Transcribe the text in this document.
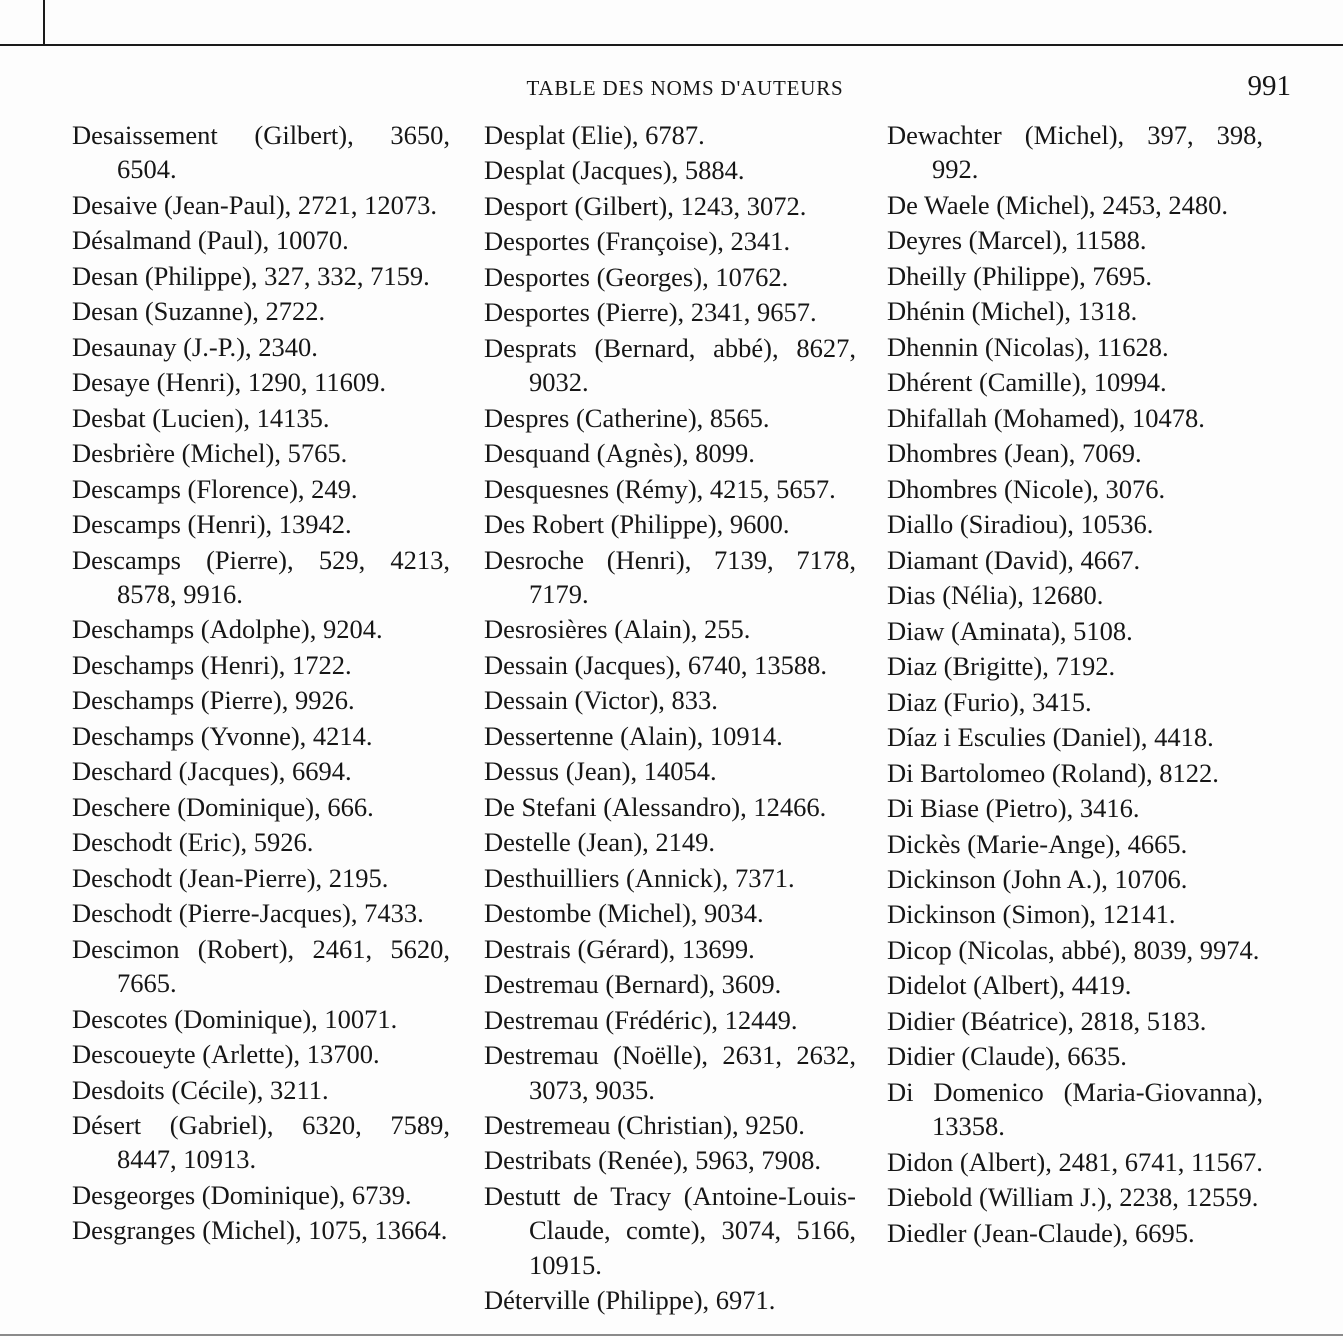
TABLE DES NOMS D'AUTEURS	991

Desaissement (Gilbert), 3650, 6504.

Desaive (Jean-Paul), 2721, 12073.

Désalmand (Paul), 10070.

Desan (Philippe), 327, 332, 7159.

Desan (Suzanne), 2722.

Desaunay (J.-P.), 2340.

Desaye (Henri), 1290, 11609.

Desbat (Lucien), 14135.

Desbrière (Michel), 5765.

Descamps (Florence), 249.

Descamps (Henri), 13942.

Descamps (Pierre), 529, 4213, 8578, 9916.

Deschamps (Adolphe), 9204.

Deschamps (Henri), 1722.

Deschamps (Pierre), 9926.

Deschamps (Yvonne), 4214.

Deschard (Jacques), 6694.

Deschere (Dominique), 666.

Deschodt (Eric), 5926.

Deschodt (Jean-Pierre), 2195.

Deschodt (Pierre-Jacques), 7433.

Descimon (Robert), 2461, 5620, 7665.

Descotes (Dominique), 10071.

Descoueyte (Arlette), 13700.

Desdoits (Cécile), 3211.

Désert (Gabriel), 6320, 7589, 8447, 10913.

Desgeorges (Dominique), 6739.

Desgranges (Michel), 1075, 13664.

Desplat (Elie), 6787.

Desplat (Jacques), 5884.

Desport (Gilbert), 1243, 3072.

Desportes (Françoise), 2341.

Desportes (Georges), 10762.

Desportes (Pierre), 2341, 9657.

Desprats (Bernard, abbé), 8627, 9032.

Despres (Catherine), 8565.

Desquand (Agnès), 8099.

Desquesnes (Rémy), 4215, 5657.

Des Robert (Philippe), 9600.

Desroche (Henri), 7139, 7178, 7179.

Desrosières (Alain), 255.

Dessain (Jacques), 6740, 13588.

Dessain (Victor), 833.

Dessertenne (Alain), 10914.

Dessus (Jean), 14054.

De Stefani (Alessandro), 12466.

Destelle (Jean), 2149.

Desthuilliers (Annick), 7371.

Destombe (Michel), 9034.

Destrais (Gérard), 13699.

Destremau (Bernard), 3609.

Destremau (Frédéric), 12449.

Destremau (Noëlle), 2631, 2632, 3073, 9035.

Destremeau (Christian), 9250.

Destribats (Renée), 5963, 7908.

Destutt de Tracy (Antoine-Louis-Claude, comte), 3074, 5166, 10915.

Déterville (Philippe), 6971.

Dewachter (Michel), 397, 398, 992.

De Waele (Michel), 2453, 2480.

Deyres (Marcel), 11588.

Dheilly (Philippe), 7695.

Dhénin (Michel), 1318.

Dhennin (Nicolas), 11628.

Dhérent (Camille), 10994.

Dhifallah (Mohamed), 10478.

Dhombres (Jean), 7069.

Dhombres (Nicole), 3076.

Diallo (Siradiou), 10536.

Diamant (David), 4667.

Dias (Nélia), 12680.

Diaw (Aminata), 5108.

Diaz (Brigitte), 7192.

Diaz (Furio), 3415.

Díaz i Esculies (Daniel), 4418.

Di Bartolomeo (Roland), 8122.

Di Biase (Pietro), 3416.

Dickès (Marie-Ange), 4665.

Dickinson (John A.), 10706.

Dickinson (Simon), 12141.

Dicop (Nicolas, abbé), 8039, 9974.

Didelot (Albert), 4419.

Didier (Béatrice), 2818, 5183.

Didier (Claude), 6635.

Di Domenico (Maria-Giovanna), 13358.

Didon (Albert), 2481, 6741, 11567.

Diebold (William J.), 2238, 12559.

Diedler (Jean-Claude), 6695.
